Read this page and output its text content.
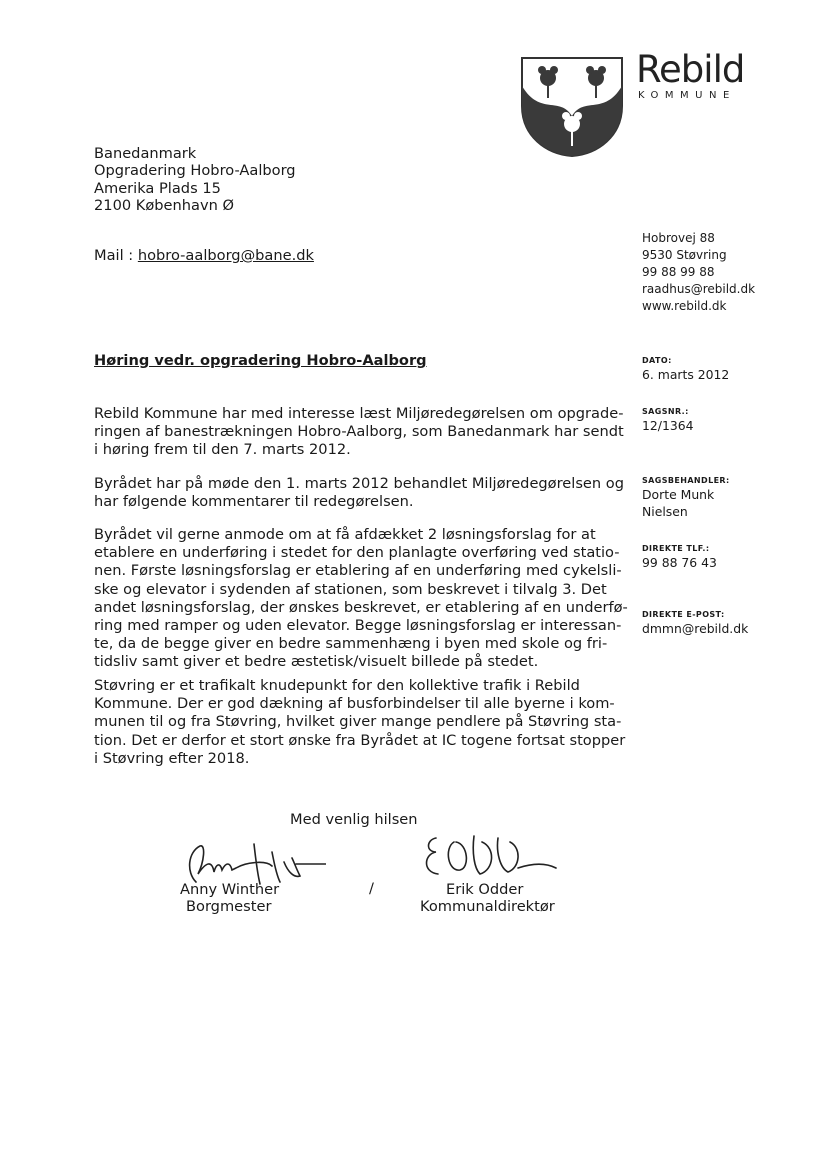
Rebild
KOMMUNE
Banedanmark
Opgradering Hobro-Aalborg
Amerika Plads 15
2100 København Ø
Mail : hobro-aalborg@bane.dk
Hobrovej 88
9530 Støvring
99 88 99 88
raadhus@rebild.dk
www.rebild.dk
Høring vedr. opgradering Hobro-Aalborg	DATO:
6. marts 2012
SAGSNR.:
12/1364
SAGSBEHANDLER:
Dorte Munk
Nielsen
DIREKTE TLF.:
99 88 76 43
DIREKTE E-POST:
dmmn@rebild.dk
Rebild Kommune har med interesse læst Miljøredegørelsen om opgrade-
ringen af banestrækningen Hobro-Aalborg, som Banedanmark har sendt
i høring frem til den 7. marts 2012.
Byrådet har på møde den 1. marts 2012 behandlet Miljøredegørelsen og
har følgende kommentarer til redegørelsen.
Byrådet vil gerne anmode om at få afdækket 2 løsningsforslag for at
etablere en underføring i stedet for den planlagte overføring ved statio-
nen. Første løsningsforslag er etablering af en underføring med cykelsli-
ske og elevator i sydenden af stationen, som beskrevet i tilvalg 3. Det
andet løsningsforslag, der ønskes beskrevet, er etablering af en underfø-
ring med ramper og uden elevator. Begge løsningsforslag er interessan-
te, da de begge giver en bedre sammenhæng i byen med skole og fri-
tidsliv samt giver et bedre æstetisk/visuelt billede på stedet.
Støvring er et trafikalt knudepunkt for den kollektive trafik i Rebild
Kommune. Der er god dækning af busforbindelser til alle byerne i kom-
munen til og fra Støvring, hvilket giver mange pendlere på Støvring sta-
tion. Det er derfor et stort ønske fra Byrådet at IC togene fortsat stopper
i Støvring efter 2018.
Med venlig hilsen
Anny Winther
Borgmester
/	Erik Odder
Kommunaldirektør
